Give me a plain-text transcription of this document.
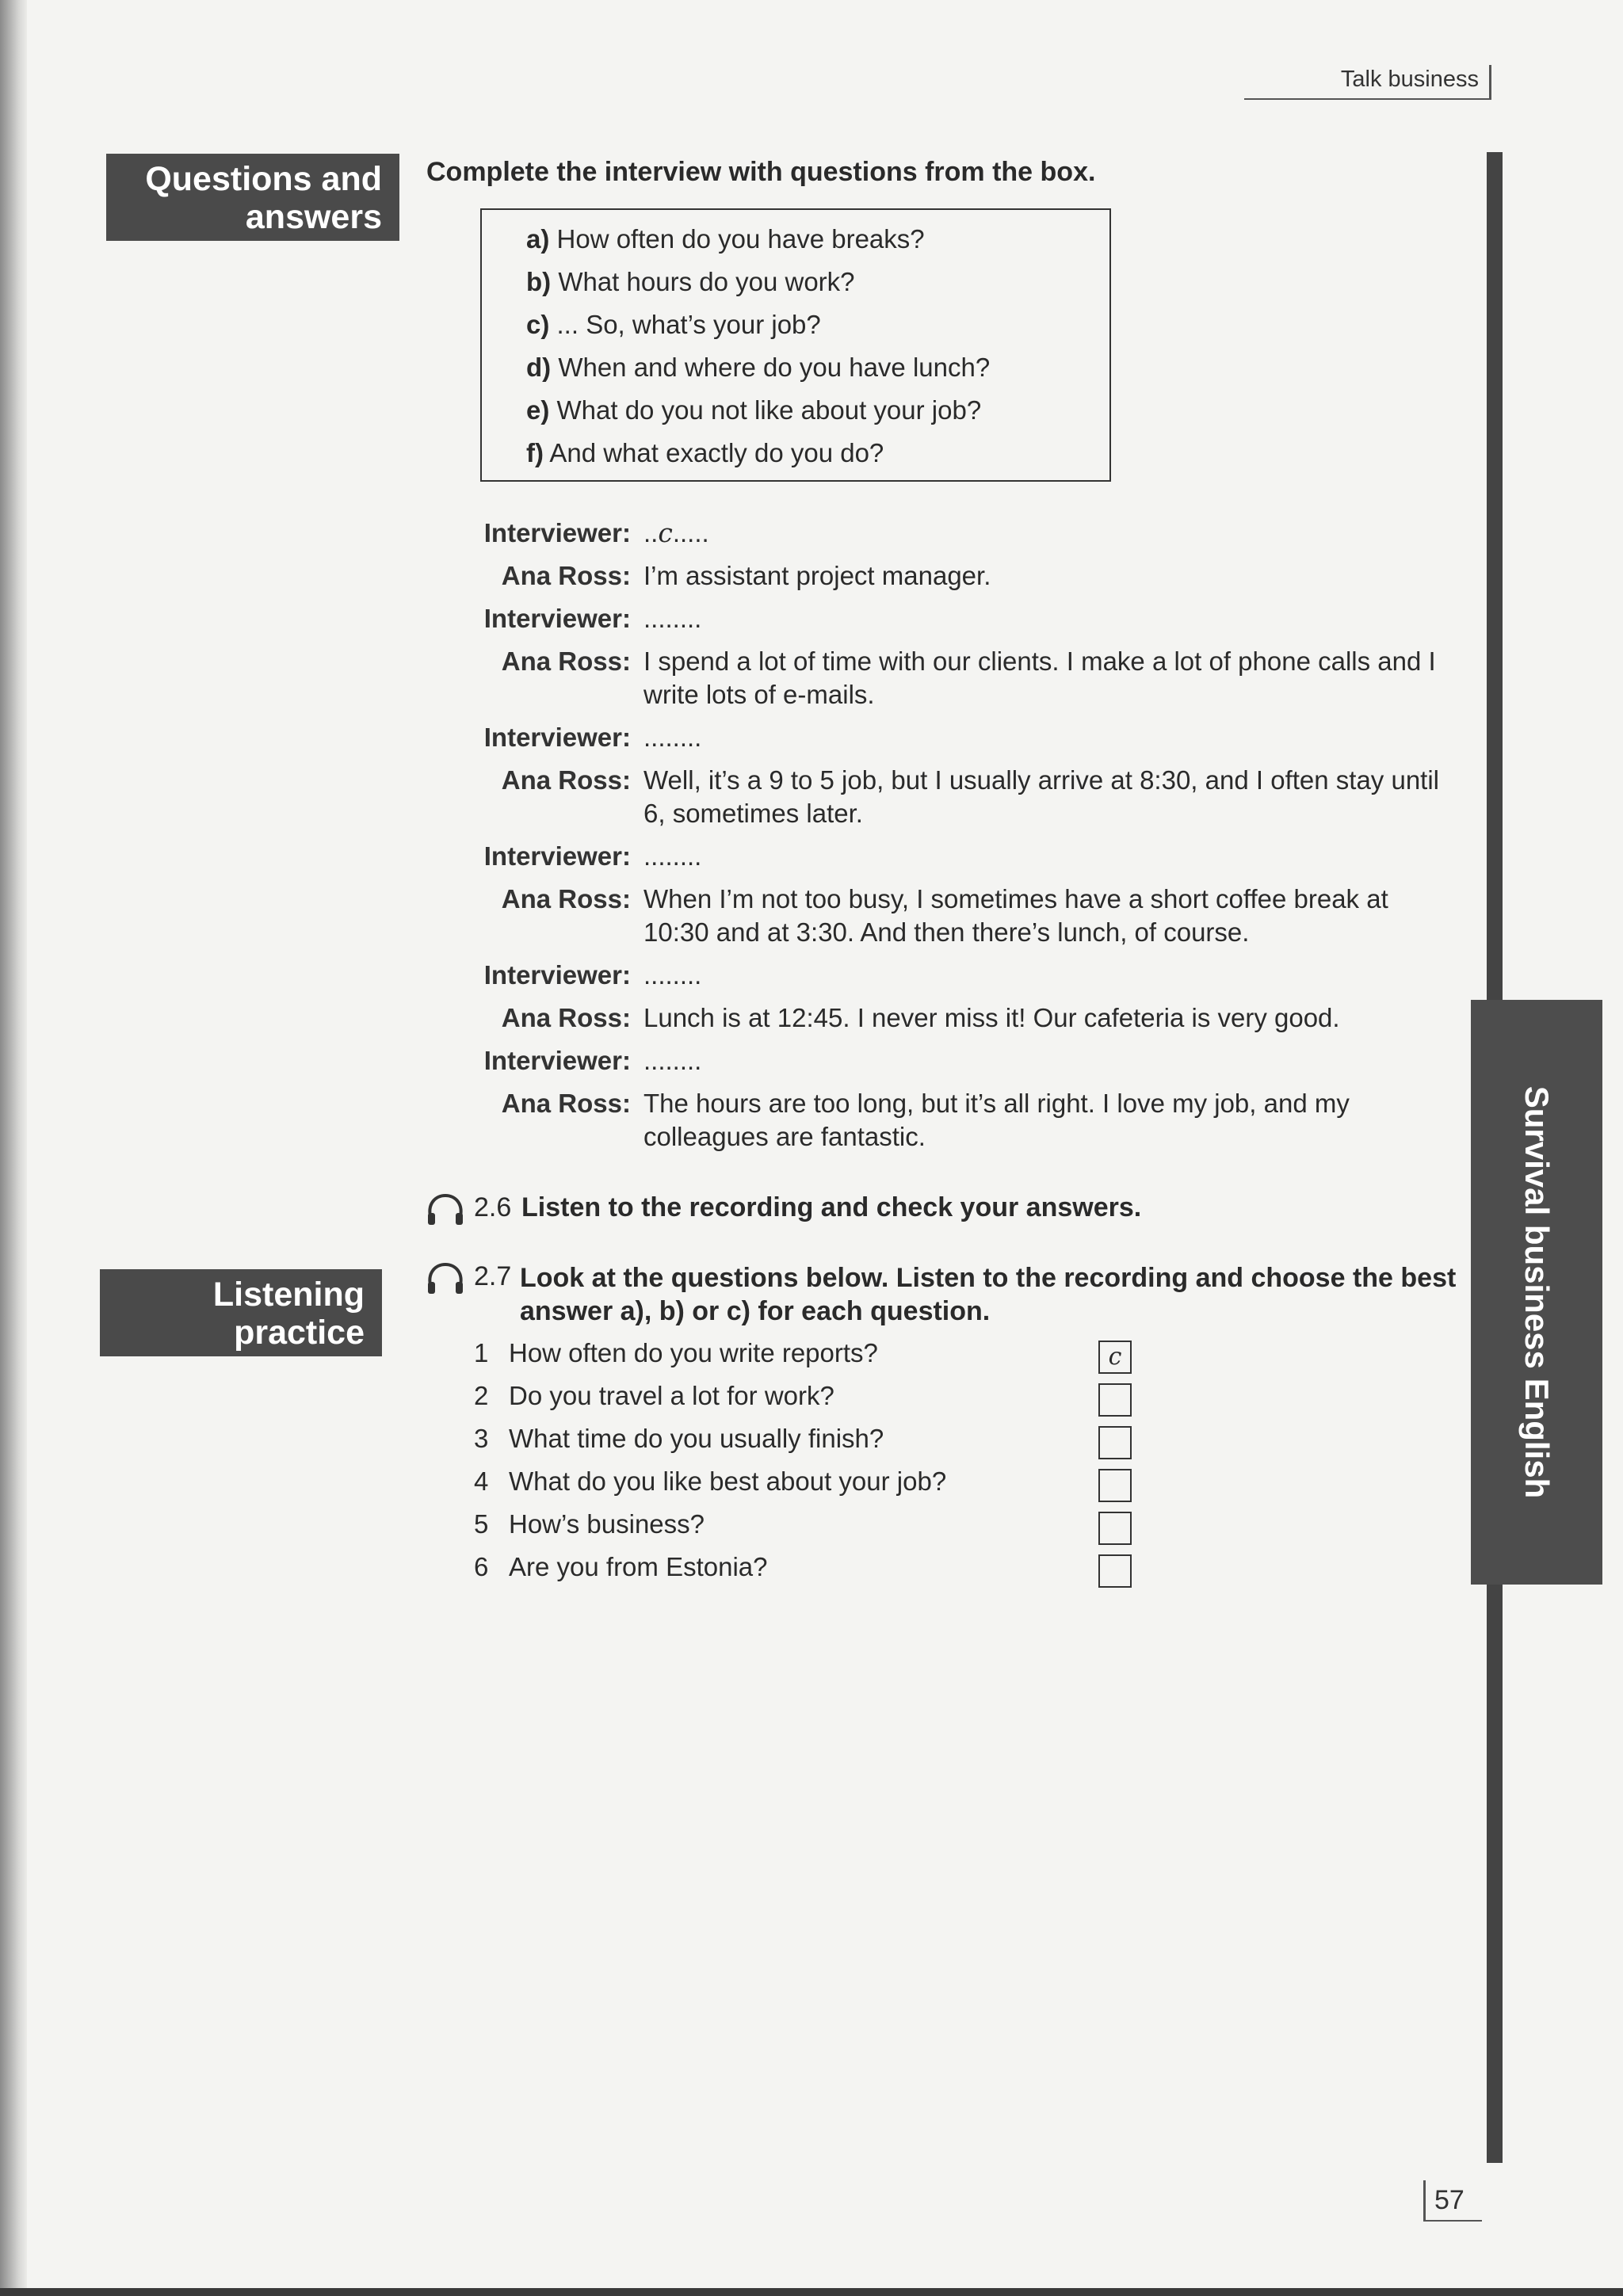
Talk business
Survival business English
Questions and
answers
Complete the interview with questions from the box.
a) How often do you have breaks?
b) What hours do you work?
c) ... So, what’s your job?
d) When and where do you have lunch?
e) What do you not like about your job?
f) And what exactly do you do?
Interviewer: ..c.....
Ana Ross: I’m assistant project manager.
Interviewer: ........
Ana Ross: I spend a lot of time with our clients. I make a lot of phone calls and I write lots of e-mails.
Interviewer: ........
Ana Ross: Well, it’s a 9 to 5 job, but I usually arrive at 8:30, and I often stay until 6, sometimes later.
Interviewer: ........
Ana Ross: When I’m not too busy, I sometimes have a short coffee break at 10:30 and at 3:30. And then there’s lunch, of course.
Interviewer: ........
Ana Ross: Lunch is at 12:45. I never miss it! Our cafeteria is very good.
Interviewer: ........
Ana Ross: The hours are too long, but it’s all right. I love my job, and my colleagues are fantastic.
2.6 Listen to the recording and check your answers.
Listening
practice
2.7 Look at the questions below. Listen to the recording and choose the best answer a), b) or c) for each question.
1 How often do you write reports?	c
2 Do you travel a lot for work?
3 What time do you usually finish?
4 What do you like best about your job?
5 How’s business?
6 Are you from Estonia?
57
